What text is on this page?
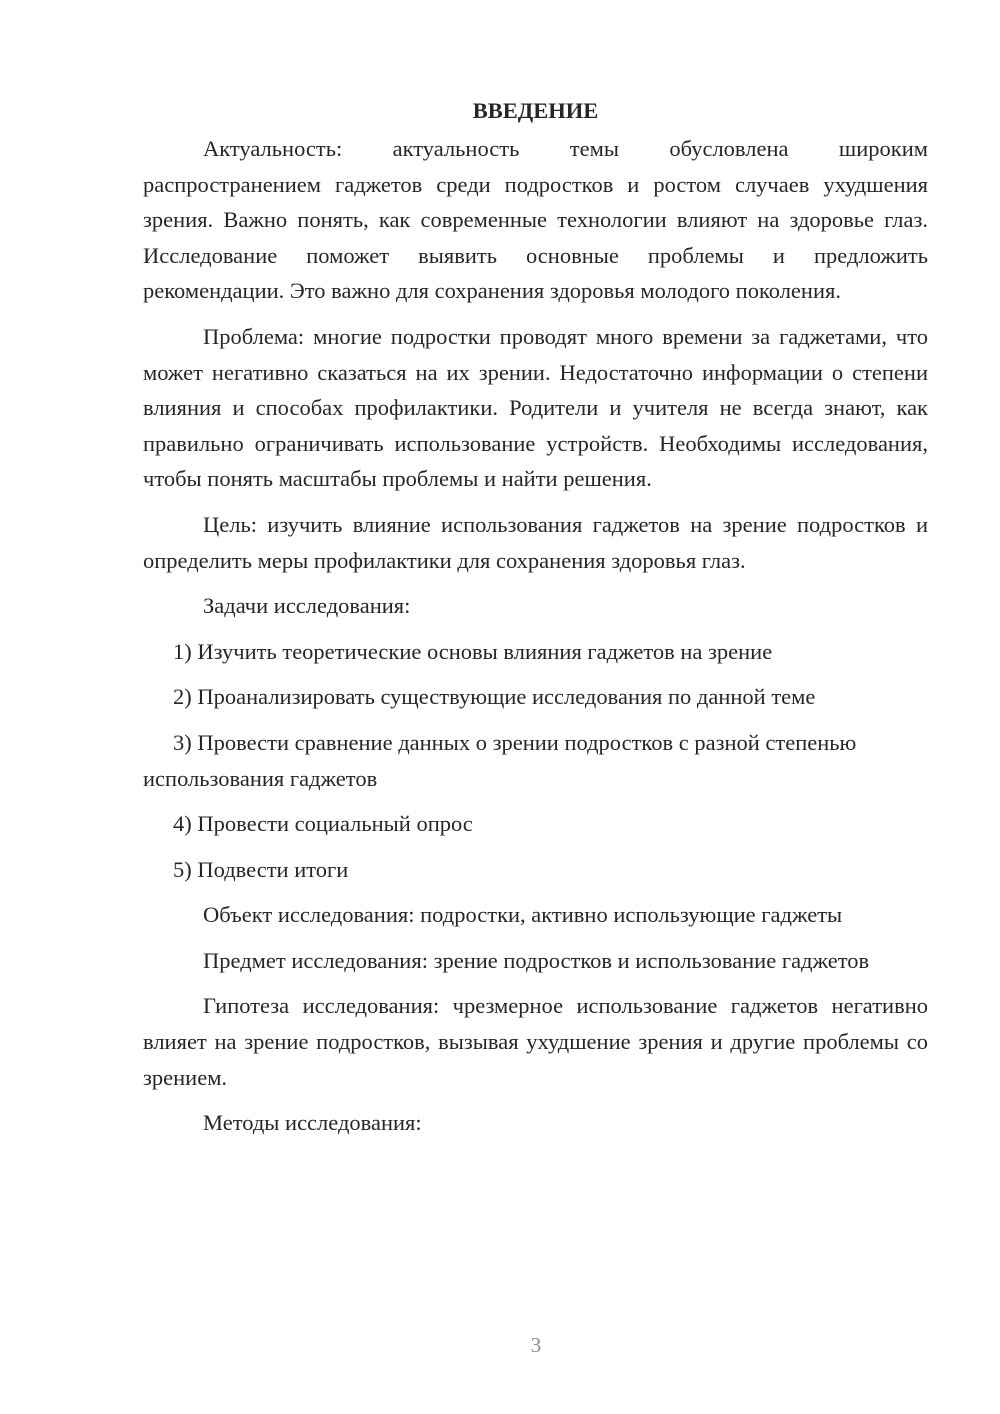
ВВЕДЕНИЕ

Актуальность: актуальность темы обусловлена широким распространением гаджетов среди подростков и ростом случаев ухудшения зрения. Важно понять, как современные технологии влияют на здоровье глаз. Исследование поможет выявить основные проблемы и предложить рекомендации. Это важно для сохранения здоровья молодого поколения.

Проблема: многие подростки проводят много времени за гаджетами, что может негативно сказаться на их зрении. Недостаточно информации о степени влияния и способах профилактики. Родители и учителя не всегда знают, как правильно ограничивать использование устройств. Необходимы исследования, чтобы понять масштабы проблемы и найти решения.

Цель: изучить влияние использования гаджетов на зрение подростков и определить меры профилактики для сохранения здоровья глаз.

Задачи исследования:

1) Изучить теоретические основы влияния гаджетов на зрение

2) Проанализировать существующие исследования по данной теме

3) Провести сравнение данных о зрении подростков с разной степенью использования гаджетов

4) Провести социальный опрос

5) Подвести итоги

Объект исследования: подростки, активно использующие гаджеты

Предмет исследования: зрение подростков и использование гаджетов

Гипотеза исследования: чрезмерное использование гаджетов негативно влияет на зрение подростков, вызывая ухудшение зрения и другие проблемы со зрением.

Методы исследования:

3
